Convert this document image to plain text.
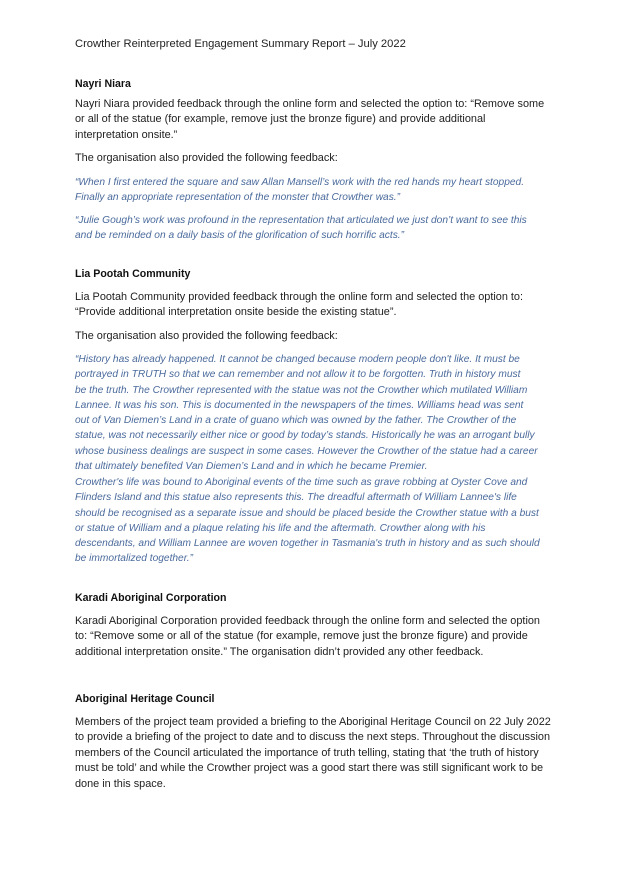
Crowther Reinterpreted Engagement Summary Report – July 2022
Nayri Niara
Nayri Niara provided feedback through the online form and selected the option to: “Remove some
or all of the statue (for example, remove just the bronze figure) and provide additional
interpretation onsite.”
The organisation also provided the following feedback:
“When I first entered the square and saw Allan Mansell’s work with the red hands my heart stopped.
Finally an appropriate representation of the monster that Crowther was.”
“Julie Gough’s work was profound in the representation that articulated we just don’t want to see this
and be reminded on a daily basis of the glorification of such horrific acts.”
Lia Pootah Community
Lia Pootah Community provided feedback through the online form and selected the option to:
“Provide additional interpretation onsite beside the existing statue”.
The organisation also provided the following feedback:
“History has already happened. It cannot be changed because modern people don't like. It must be
portrayed in TRUTH so that we can remember and not allow it to be forgotten. Truth in history must
be the truth. The Crowther represented with the statue was not the Crowther which mutilated William
Lannee. It was his son. This is documented in the newspapers of the times. Williams head was sent
out of Van Diemen’s Land in a crate of guano which was owned by the father. The Crowther of the
statue, was not necessarily either nice or good by today’s stands. Historically he was an arrogant bully
whose business dealings are suspect in some cases. However the Crowther of the statue had a career
that ultimately benefited Van Diemen’s Land and in which he became Premier.
Crowther's life was bound to Aboriginal events of the time such as grave robbing at Oyster Cove and
Flinders Island and this statue also represents this. The dreadful aftermath of William Lannee's life
should be recognised as a separate issue and should be placed beside the Crowther statue with a bust
or statue of William and a plaque relating his life and the aftermath. Crowther along with his
descendants, and William Lannee are woven together in Tasmania's truth in history and as such should
be immortalized together.”
Karadi Aboriginal Corporation
Karadi Aboriginal Corporation provided feedback through the online form and selected the option
to: “Remove some or all of the statue (for example, remove just the bronze figure) and provide
additional interpretation onsite.” The organisation didn’t provided any other feedback.
Aboriginal Heritage Council
Members of the project team provided a briefing to the Aboriginal Heritage Council on 22 July 2022
to provide a briefing of the project to date and to discuss the next steps. Throughout the discussion
members of the Council articulated the importance of truth telling, stating that ‘the truth of history
must be told’ and while the Crowther project was a good start there was still significant work to be
done in this space.
